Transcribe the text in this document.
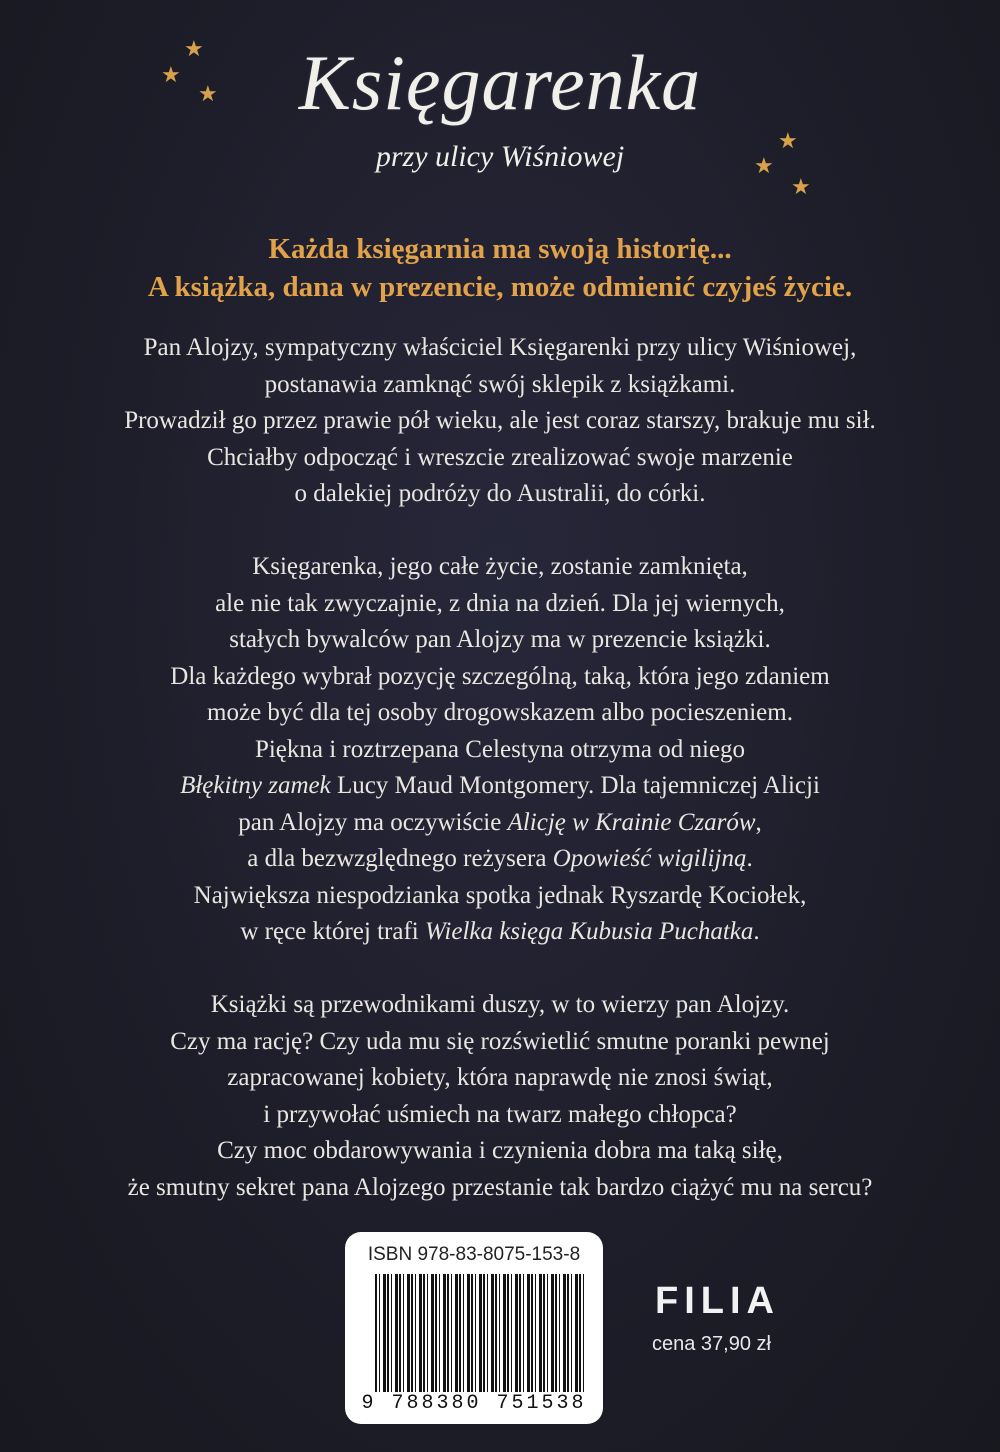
★
★
★
★
★
★
Księgarenka
przy ulicy Wiśniowej
Każda księgarnia ma swoją historię...
A książka, dana w prezencie, może odmienić czyjeś życie.
Pan Alojzy, sympatyczny właściciel Księgarenki przy ulicy Wiśniowej,
postanawia zamknąć swój sklepik z książkami.
Prowadził go przez prawie pół wieku, ale jest coraz starszy, brakuje mu sił.
Chciałby odpocząć i wreszcie zrealizować swoje marzenie
o dalekiej podróży do Australii, do córki.
Księgarenka, jego całe życie, zostanie zamknięta,
ale nie tak zwyczajnie, z dnia na dzień. Dla jej wiernych,
stałych bywalców pan Alojzy ma w prezencie książki.
Dla każdego wybrał pozycję szczególną, taką, która jego zdaniem
może być dla tej osoby drogowskazem albo pocieszeniem.
Piękna i roztrzepana Celestyna otrzyma od niego
Błękitny zamek Lucy Maud Montgomery. Dla tajemniczej Alicji
pan Alojzy ma oczywiście Alicję w Krainie Czarów,
a dla bezwzględnego reżysera Opowieść wigilijną.
Największa niespodzianka spotka jednak Ryszardę Kociołek,
w ręce której trafi Wielka księga Kubusia Puchatka.
Książki są przewodnikami duszy, w to wierzy pan Alojzy.
Czy ma rację? Czy uda mu się rozświetlić smutne poranki pewnej
zapracowanej kobiety, która naprawdę nie znosi świąt,
i przywołać uśmiech na twarz małego chłopca?
Czy moc obdarowywania i czynienia dobra ma taką siłę,
że smutny sekret pana Alojzego przestanie tak bardzo ciążyć mu na sercu?
ISBN 978-83-8075-153-8
9 788380 751538
FILIA
cena 37,90 zł
